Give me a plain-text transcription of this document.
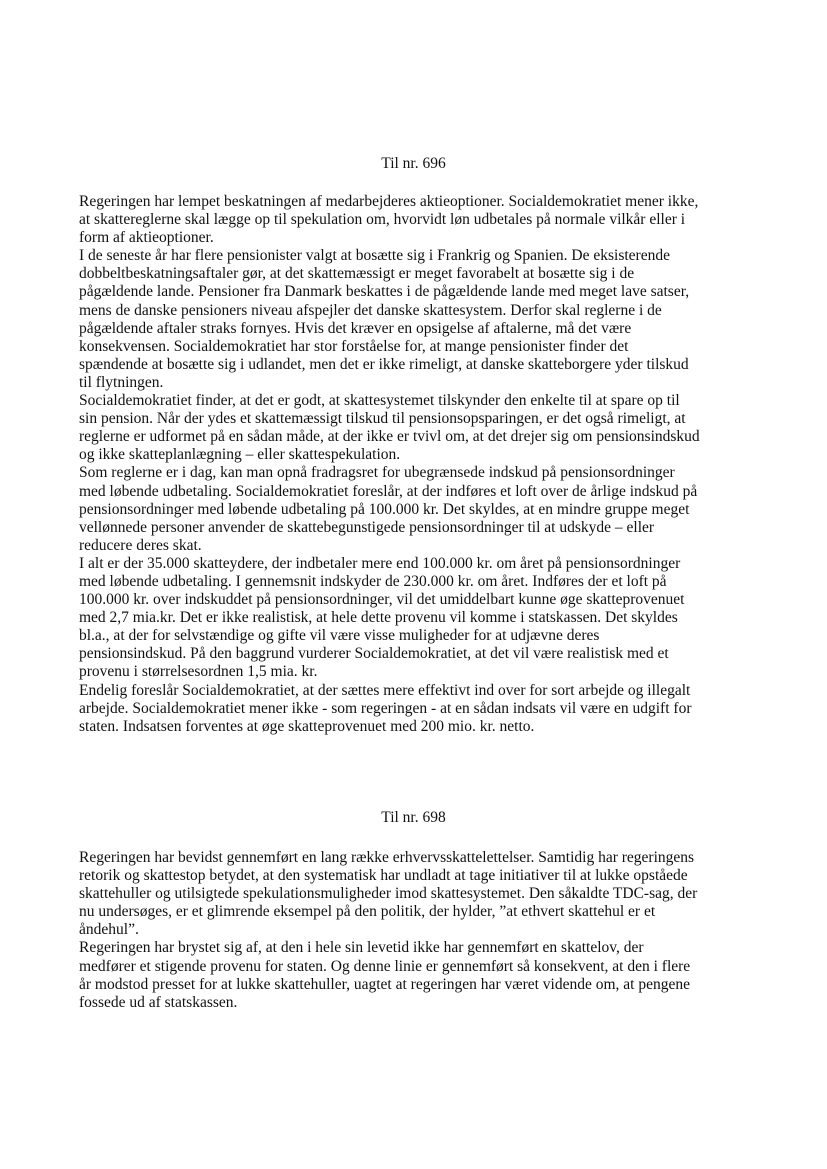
Til nr. 696
Regeringen har lempet beskatningen af medarbejderes aktieoptioner. Socialdemokratiet mener ikke,
at skattereglerne skal lægge op til spekulation om, hvorvidt løn udbetales på normale vilkår eller i
form af aktieoptioner.
I de seneste år har flere pensionister valgt at bosætte sig i Frankrig og Spanien. De eksisterende
dobbeltbeskatningsaftaler gør, at det skattemæssigt er meget favorabelt at bosætte sig i de
pågældende lande. Pensioner fra Danmark beskattes i de pågældende lande med meget lave satser,
mens de danske pensioners niveau afspejler det danske skattesystem. Derfor skal reglerne i de
pågældende aftaler straks fornyes. Hvis det kræver en opsigelse af aftalerne, må det være
konsekvensen. Socialdemokratiet har stor forståelse for, at mange pensionister finder det
spændende at bosætte sig i udlandet, men det er ikke rimeligt, at danske skatteborgere yder tilskud
til flytningen.
Socialdemokratiet finder, at det er godt, at skattesystemet tilskynder den enkelte til at spare op til
sin pension. Når der ydes et skattemæssigt tilskud til pensionsopsparingen, er det også rimeligt, at
reglerne er udformet på en sådan måde, at der ikke er tvivl om, at det drejer sig om pensionsindskud
og ikke skatteplanlægning – eller skattespekulation.
Som reglerne er i dag, kan man opnå fradragsret for ubegrænsede indskud på pensionsordninger
med løbende udbetaling. Socialdemokratiet foreslår, at der indføres et loft over de årlige indskud på
pensionsordninger med løbende udbetaling på 100.000 kr. Det skyldes, at en mindre gruppe meget
vellønnede personer anvender de skattebegunstigede pensionsordninger til at udskyde – eller
reducere deres skat.
I alt er der 35.000 skatteydere, der indbetaler mere end 100.000 kr. om året på pensionsordninger
med løbende udbetaling. I gennemsnit indskyder de 230.000 kr. om året. Indføres der et loft på
100.000 kr. over indskuddet på pensionsordninger, vil det umiddelbart kunne øge skatteprovenuet
med 2,7 mia.kr. Det er ikke realistisk, at hele dette provenu vil komme i statskassen. Det skyldes
bl.a., at der for selvstændige og gifte vil være visse muligheder for at udjævne deres
pensionsindskud. På den baggrund vurderer Socialdemokratiet, at det vil være realistisk med et
provenu i størrelsesordnen 1,5 mia. kr.
Endelig foreslår Socialdemokratiet, at der sættes mere effektivt ind over for sort arbejde og illegalt
arbejde. Socialdemokratiet mener ikke - som regeringen - at en sådan indsats vil være en udgift for
staten. Indsatsen forventes at øge skatteprovenuet med 200 mio. kr. netto.
Til nr. 698
Regeringen har bevidst gennemført en lang række erhvervsskattelettelser. Samtidig har regeringens
retorik og skattestop betydet, at den systematisk har undladt at tage initiativer til at lukke opståede
skattehuller og utilsigtede spekulationsmuligheder imod skattesystemet. Den såkaldte TDC-sag, der
nu undersøges, er et glimrende eksempel på den politik, der hylder, ”at ethvert skattehul er et
åndehul”.
Regeringen har brystet sig af, at den i hele sin levetid ikke har gennemført en skattelov, der
medfører et stigende provenu for staten. Og denne linie er gennemført så konsekvent, at den i flere
år modstod presset for at lukke skattehuller, uagtet at regeringen har været vidende om, at pengene
fossede ud af statskassen.
